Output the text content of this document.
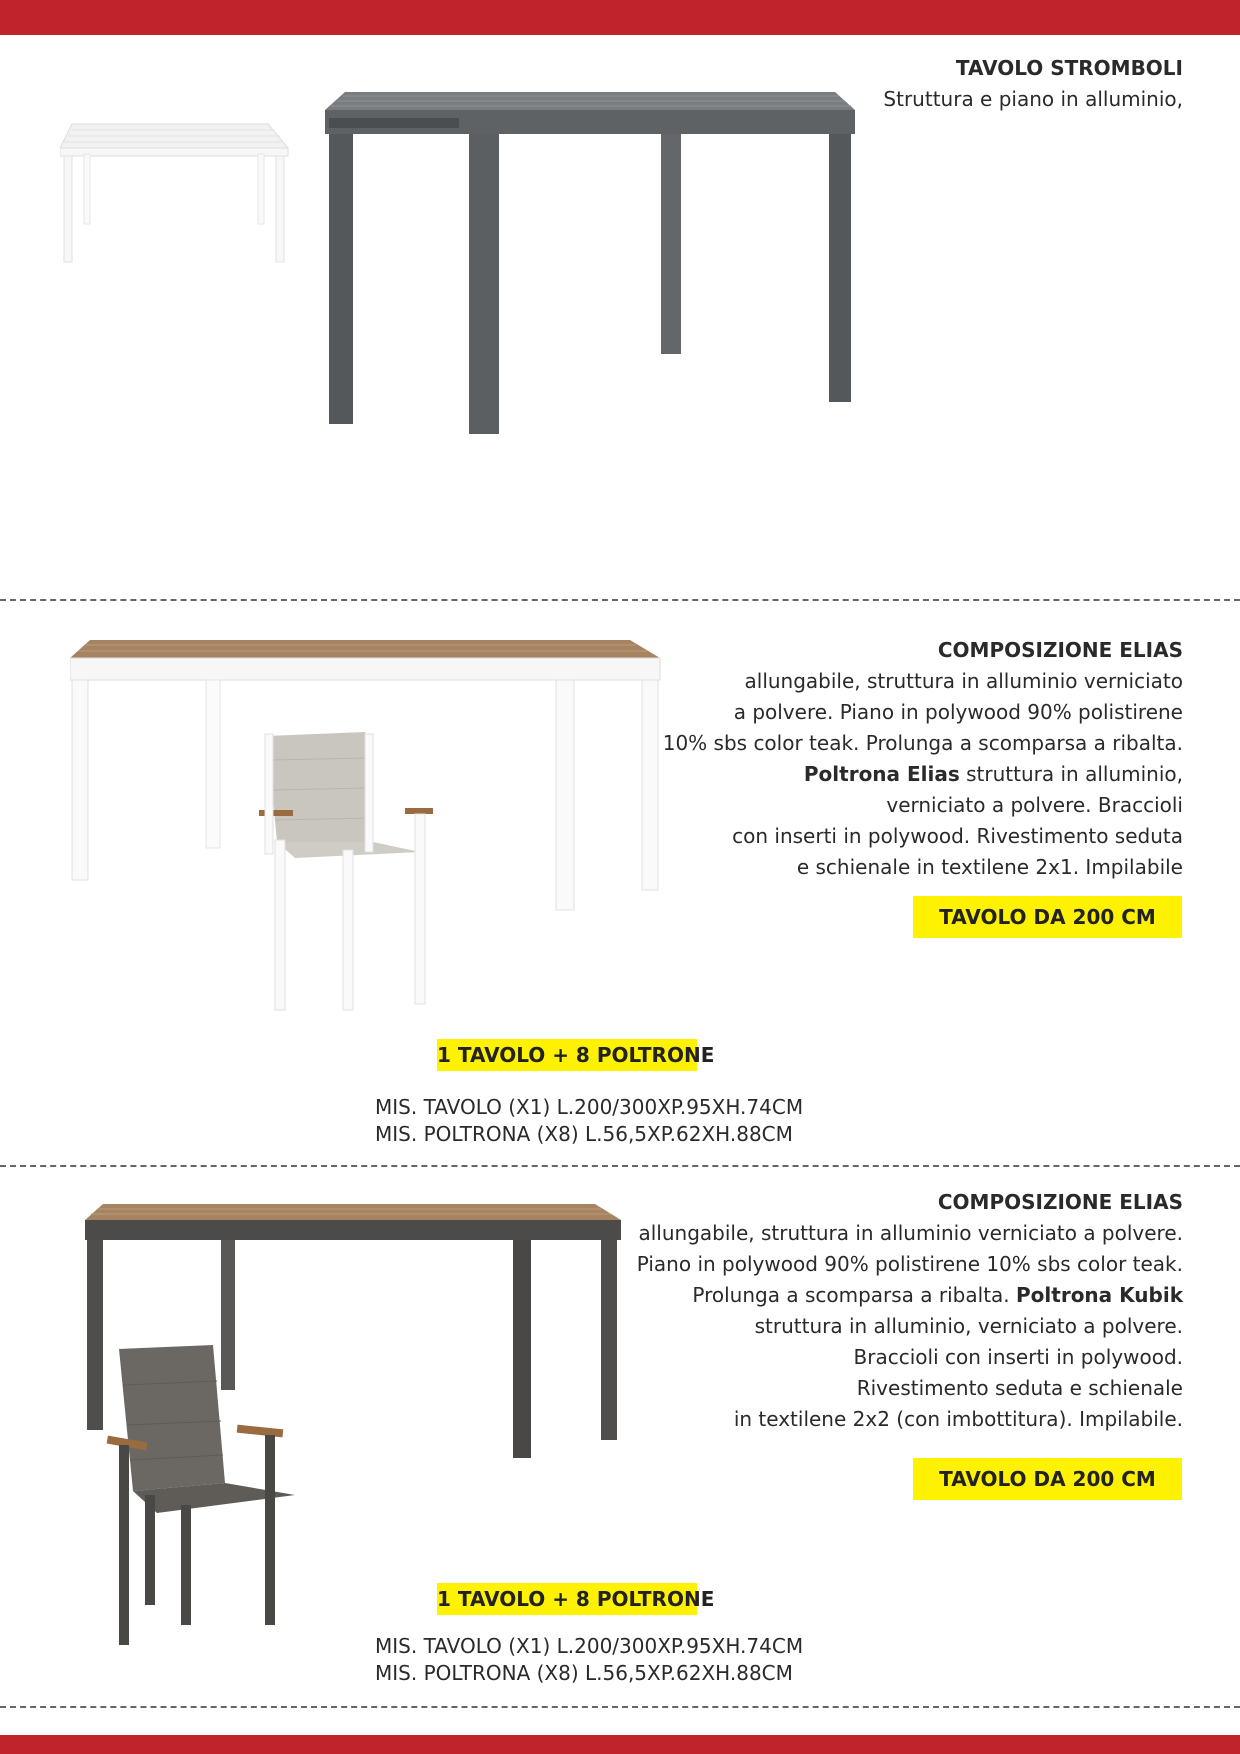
TAVOLO STROMBOLI
Struttura e piano in alluminio,
COMPOSIZIONE ELIAS
allungabile, struttura in alluminio verniciato
a polvere. Piano in polywood 90% polistirene
10% sbs color teak. Prolunga a scomparsa a ribalta.
Poltrona Elias struttura in alluminio,
verniciato a polvere. Braccioli
con inserti in polywood. Rivestimento seduta
e schienale in textilene 2x1. Impilabile
TAVOLO DA 200 CM
1 TAVOLO + 8 POLTRONE
MIS. TAVOLO (X1) L.200/300XP.95XH.74CM
MIS. POLTRONA (X8) L.56,5XP.62XH.88CM
COMPOSIZIONE ELIAS
allungabile, struttura in alluminio verniciato a polvere.
Piano in polywood 90% polistirene 10% sbs color teak.
Prolunga a scomparsa a ribalta. Poltrona Kubik
struttura in alluminio, verniciato a polvere.
Braccioli con inserti in polywood.
Rivestimento seduta e schienale
in textilene 2x2 (con imbottitura). Impilabile.
TAVOLO DA 200 CM
1 TAVOLO + 8 POLTRONE
MIS. TAVOLO (X1) L.200/300XP.95XH.74CM
MIS. POLTRONA (X8) L.56,5XP.62XH.88CM
